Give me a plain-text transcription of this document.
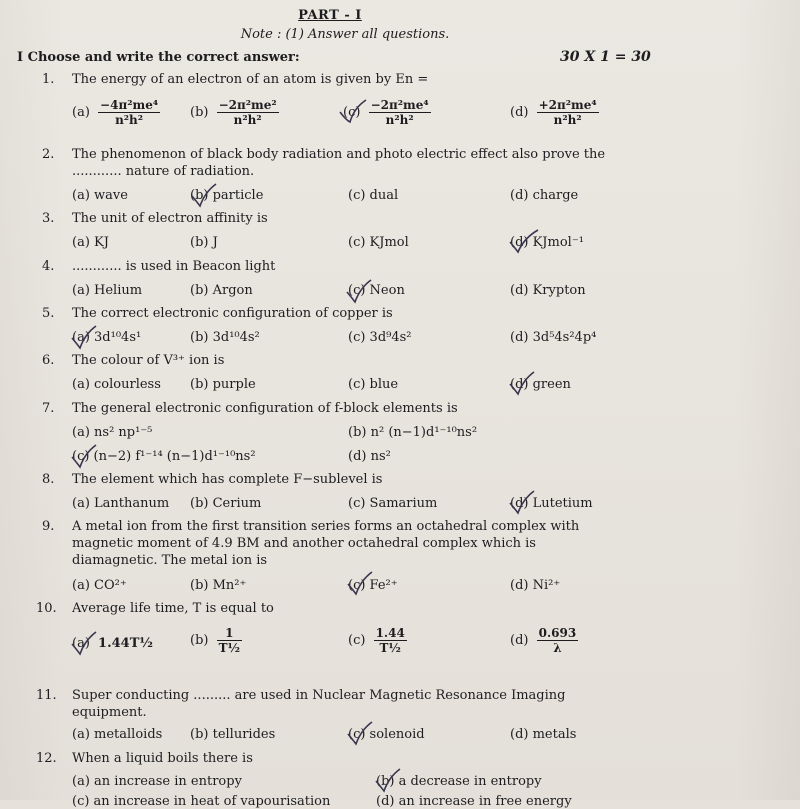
PART - I
Note : (1) Answer all questions.
I Choose and write the correct answer:	30 X 1 = 30
1. The energy of an electron of an atom is given by En =
$(a) \frac{\text{−4π²me⁴}}{\text{n²h²}} (b) \frac{\text{−2π²me²}}{\text{n²h²}}$	$(c) \frac{\text{−2π²me⁴}}{\text{n²h²}}$	$(d) \frac{\text{+2π²me⁴}}{\text{n²h²}}$
2. The phenomenon of black body radiation and photo electric effect also prove the
............ nature of radiation.
(a) wave	(b) particle	(c) dual	(d) charge
3. The unit of electron affinity is
(a) KJ	(b) J	(c) KJmol	(d) KJmol⁻¹
4. ............ is used in Beacon light
(a) Helium	(b) Argon	(c) Neon	(d) Krypton
5. The correct electronic configuration of copper is
(a) 3d¹⁰4s¹	(b) 3d¹⁰4s²	(c) 3d⁹4s²	(d) 3d⁵4s²4p⁴
6. The colour of V³⁺ ion is
(a) colourless (b) purple	(c) blue	(d) green
7. The general electronic configuration of f-block elements is
(a) ns² np¹⁻⁵	(b) n² (n−1)d¹⁻¹⁰ns²
(c) (n−2) f¹⁻¹⁴ (n−1)d¹⁻¹⁰ns²	(d) ns²
8. The element which has complete F−sublevel is
(a) Lanthanum (b) Cerium	(c) Samarium	(d) Lutetium
9. A metal ion from the first transition series forms an octahedral complex with
magnetic moment of 4.9 BM and another octahedral complex which is
diamagnetic. The metal ion is
(a) CO²⁺	(b) Mn²⁺	(c) Fe²⁺	(d) Ni²⁺
10. Average life time, T is equal to
(a) 1.44T½	$(b) \frac{1}{\text{T½}}$	$(c) \frac{1.44}{\text{T½}}$	$(d) \frac{0.693}{\lambda}$
11. Super conducting ......... are used in Nuclear Magnetic Resonance Imaging
equipment.
(a) metalloids (b) tellurides	(c) solenoid	(d) metals
12. When a liquid boils there is
(a) an increase in entropy	(b) a decrease in entropy
(c) an increase in heat of vapourisation	(d) an increase in free energy
